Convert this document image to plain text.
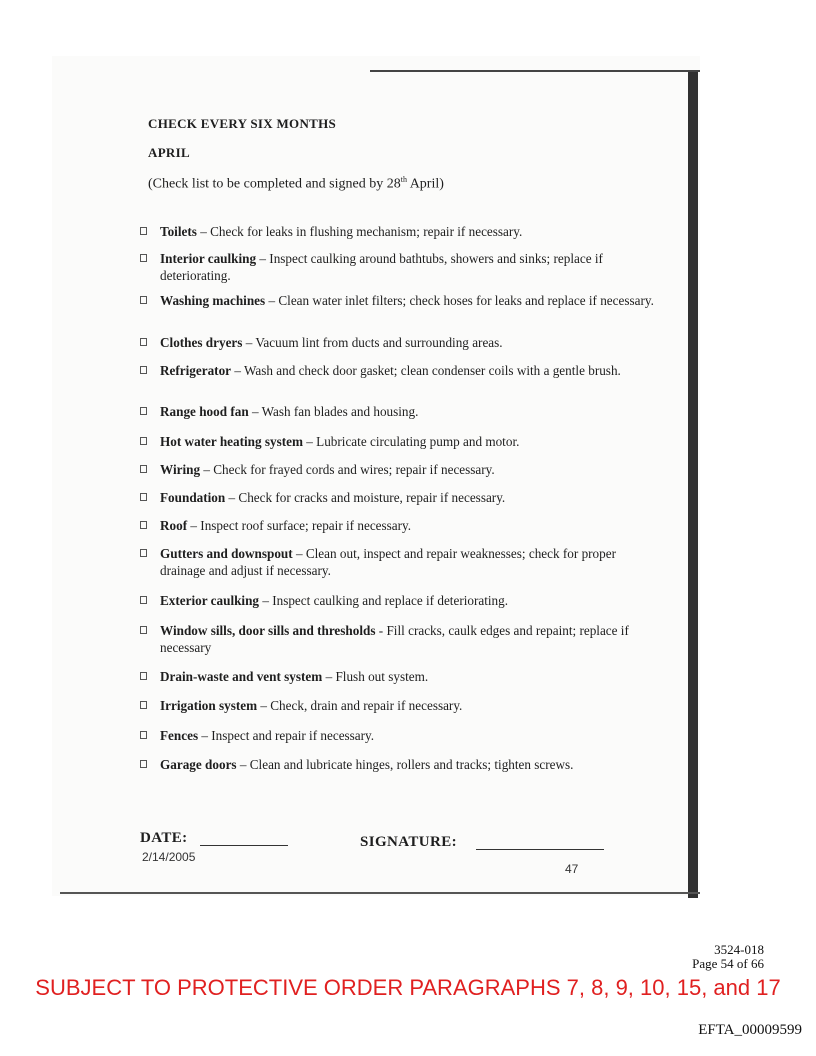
CHECK EVERY SIX MONTHS
APRIL
(Check list to be completed and signed by 28th April)
Toilets – Check for leaks in flushing mechanism; repair if necessary.
Interior caulking – Inspect caulking around bathtubs, showers and sinks; replace if deteriorating.
Washing machines – Clean water inlet filters; check hoses for leaks and replace if necessary.
Clothes dryers – Vacuum lint from ducts and surrounding areas.
Refrigerator – Wash and check door gasket; clean condenser coils with a gentle brush.
Range hood fan – Wash fan blades and housing.
Hot water heating system – Lubricate circulating pump and motor.
Wiring – Check for frayed cords and wires; repair if necessary.
Foundation – Check for cracks and moisture, repair if necessary.
Roof – Inspect roof surface; repair if necessary.
Gutters and downspout – Clean out, inspect and repair weaknesses; check for proper drainage and adjust if necessary.
Exterior caulking – Inspect caulking and replace if deteriorating.
Window sills, door sills and thresholds - Fill cracks, caulk edges and repaint; replace if necessary
Drain-waste and vent system – Flush out system.
Irrigation system – Check, drain and repair if necessary.
Fences – Inspect and repair if necessary.
Garage doors – Clean and lubricate hinges, rollers and tracks; tighten screws.
DATE:	SIGNATURE:
2/14/2005
47
3524-018
Page 54 of 66
SUBJECT TO PROTECTIVE ORDER PARAGRAPHS 7, 8, 9, 10, 15, and 17
EFTA_00009599
